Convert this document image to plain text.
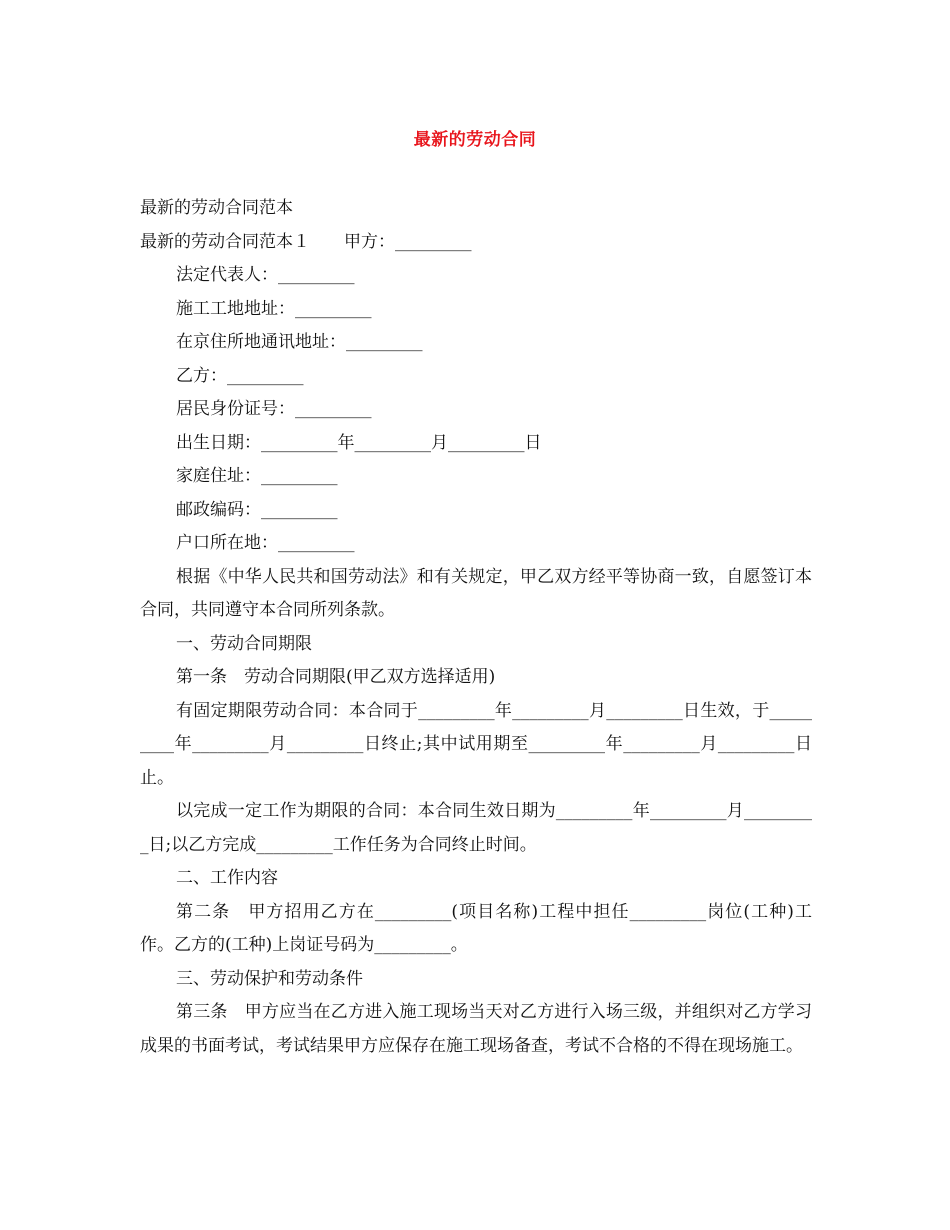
最新的劳动合同
最新的劳动合同范本
最新的劳动合同范本１　　甲方：_________
法定代表人：_________
施工工地地址：_________
在京住所地通讯地址：_________
乙方：_________
居民身份证号：_________
出生日期：_________年_________月_________日
家庭住址：_________
邮政编码：_________
户口所在地：_________
根据《中华人民共和国劳动法》和有关规定，甲乙双方经平等协商一致，自愿签订本合同，共同遵守本合同所列条款。
一、劳动合同期限
第一条　劳动合同期限(甲乙双方选择适用)
有固定期限劳动合同：本合同于_________年_________月_________日生效，于_________年_________月_________日终止;其中试用期至_________年_________月_________日止。
以完成一定工作为期限的合同：本合同生效日期为_________年_________月_________日;以乙方完成_________工作任务为合同终止时间。
二、工作内容
第二条　甲方招用乙方在_________(项目名称)工程中担任_________岗位(工种)工作。乙方的(工种)上岗证号码为_________。
三、劳动保护和劳动条件
第三条　甲方应当在乙方进入施工现场当天对乙方进行入场三级，并组织对乙方学习成果的书面考试，考试结果甲方应保存在施工现场备查，考试不合格的不得在现场施工。
